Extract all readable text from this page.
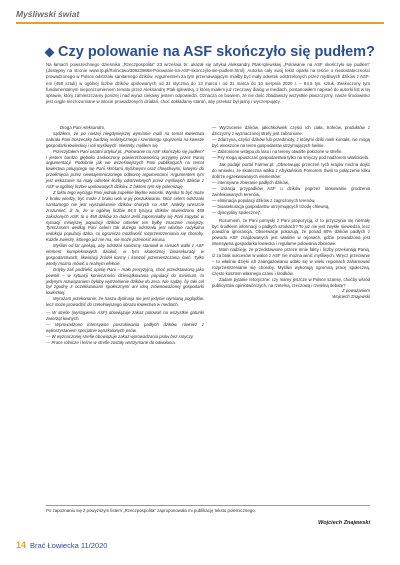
Myśliwski świat
Czy polowanie na ASF skończyło się pudłem?
Na łamach powszechnego dziennika „Rzeczpospolita” 23 września br. ukazał się artykuł Aleksandry Ptak-Iglewskiej „Polowanie na ASF skończyło się pudłem” (dostępny na stronie www.rp.pl/Rolnictwo/309229868-Polowanie-na-ASF-skonczylo-sie-pudlem.html). Autorka cały swój tekst oparła na teście o niedostateczności prowadzonego w Polsce odstrzału sanitarnego dzików. Argumentem za tym przemawiającym miałby być mały odsetek odstrzelonych przez myśliwych dzików z ASF-em (458 sztuk) w ogólnej liczbie dzików upolowanych od 31 stycznia do 13 marca i od 31 marca do 10 sierpnia 2020 r. – 84,5 tys. sztuk. Zaskoczony tym fundamentalnym nieporozumieniem tematu przez Aleksandrę Ptak-Iglewską, z którą miałem już rzeczowy dialog w mediach, postanowiłem napisać do autorki list w tej sprawie, który zamieszczamy poniżej i nad wyraz ciekawy jestem odpowiedzi. Oznacza on bowiem, że nie dość zbadawszy wszystkie płaszczyzny, nasze środowisko jest ciągle niezrozumiane w istocie prowadzonych działań, choć dokładamy starań, aby przekaz był jasny i wyczerpujący.

Droga Pani Aleksandro,

sądziłem, że po naszej niegdysiejszej wymianie maili na temat łowiectwa nabrała Pani troszeczkę bardziej realistycznego i szerokiego spojrzenia na kwestie gospodarki łowieckiej i roli myśliwych. Niestety, myliłem się.

Przeczytałem Pani ostatni artykuł pt. „Polowanie na ASF skończyło się pudłem” i jestem bardzo głęboko zaskoczony powierzchownością przyjętej przez Panią argumentacji. Podobnie jak we wcześniejszych Pani publikacjach na temat łowiectwa polującego się Pani skrótami myślowymi oraz chwytliwymi, łatwymi do przełknięcia przez niewtajemniczonego odbiorcę argumentami. Argumentem tym jest wskazanie na mały odsetek liczby odstrzelonych przez myśliwych dzików z ASF w ogólnej liczbie upolowanych dzików. Z faktem tym się polemizuję.

Z faktu tego wyciąga Pani jednak zupełnie błędne wnioski. Wynika to być może z braku wiedzy, być może z braku woli w jej poszukiwaniu. Otóż celem odstrzału sanitarnego nie jest wyszukiwanie dzików chorych na ASF. Należy wreszcie zrozumieć, iż to, że w ogólnej liczbie 84,5 tysiąca dzików stwierdzono 458 zakażonych ASF, to o 458 dzików za dużo! Jeśli zapomniałby się Pani zapytać w sytuacji mniejszej populacji dzików odsetek ten byłby znacznie mniejszy. Tymczasem według Pani celem tak dużego odstrzału jest właśnie radykalna redukcja populacji dzika, co ogranicza możliwość rozprzestrzeniania się choroby. Każde zwierzę, którego już nie ma, nie może przenosić wirusa.

Myśliwi od lat apelują, aby odstrzał sanitarny stanowił w ramach walki z ASF element kompleksowych działań, w tym skutecznej bioasekuracji w gospodarstwach, likwidacji źródeł karmy i kontroli przemieszczania świń. Tylko wtedy można mówić o realnym efekcie.

Gdyby zaś podzielić opinię Pani – mało precyzyjną, choć przedstawioną jako pewnik – w sytuacji konieczności dziesiątkowania populacji do minimum, to jedynym rozwiązaniem byłoby wytrzebienie dzików do zera. Nie sądzę, by taki cel był zgodny z oczekiwaniami społecznymi ani ideą zrównoważonej gospodarki łowieckiej.

Wyrażam przekonanie, że nasza dyskusja nie jest jedynie wymianą poglądów, lecz może prowadzić do rzetelniejszego obrazu łowiectwa w mediach.

— W strefie (wystąpienia ASF) obowiązuje zakaz polowań na wszystkie gatunki zwierząt łownych.

— Wprowadzono intensywne poszukiwania padłych dzików, również z wykorzystaniem specjalnie wyszkolonych psów.

— W wyznaczonej strefie obowiązuje zakaz wprowadzania psów bez smyczy.

— Prace rolnicze i leśne w strefie zostały wstrzymane do odwołania.

— Wyrzucenie dzików, jakichkolwiek części ich ciała, trofeów, produktów z dziczyzny z wyznaczonej strefy jest zabronione.

— Zdarzyna, części dzików lub przedmioty, z którymi dziki mieli kontakt, nie mogą być wnoszone na teren gospodarstw utrzymujących świnie.

— Zabronione wstępu do lasu i na tereny otwarte położone w strefie.

— Psy mogą opuszczać gospodarstwa tylko na smyczy pod nadzorem właściciela.

Jak podaje portal Farmer.pl: „Obserwując przeczeń tych krajów można dojść do wniosku, że skuteczna walka z Afrykańskim Pomorem Świń to połączenie kilku dobrze egzekwowanych elementów:

— intensywne zbieranie padłych dzików,

— izolacja przypadków ASF u dzików poprzez stosowanie grodzenia zainfekowanych terenów,

— eliminacja populacji dzików z zagrożonych terenów,

— bioasekuracja gospodarstw utrzymujących trzodę chlewną,

— dyscypliny społecznej”.

Rozumiem, że Pani pomysły z Pani propozycją, iż to przyczynia się niemały być środkiem informacji o padłych sztukach? To już nie jest zwykłe niewiedza, lecz poważna ignorancja. Obserwacje pokazują, że ponad 80% dzików padłych z powodu ASF znajdowanych jest właśnie w rejonach, gdzie prowadzona jest intensywna gospodarka łowiecka i regularne polowania zbiorowe.

Mam nadzieję, że przedstawione przeze mnie fakty i liczby przekonają Panią, iż za brak sukcesów w walce z ASF nie można winić myśliwych. Wręcz przeciwnie – to właśnie dzięki ich zaangażowaniu udało się w wielu regionach zahamować rozprzestrzenianie się choroby. Myśliwi wykonują ogromną pracę społeczną, często kosztem własnego czasu i środków.

Zadam pytanie retoryczne: czy mamy jeszcze w Polsce szansę, choćby wśród publicystów opiniotwórczych, na rzetelną, rzeczową i rzetelną debatę?

Z poważaniem

Wojciech Znajewski

Po zapoznaniu się z powyższym listem „Rzeczpospolita” zaproponowała mi publikację tekstu polemicznego.
Wojciech Znajewski
14 Brać Łowiecka 11/2020
